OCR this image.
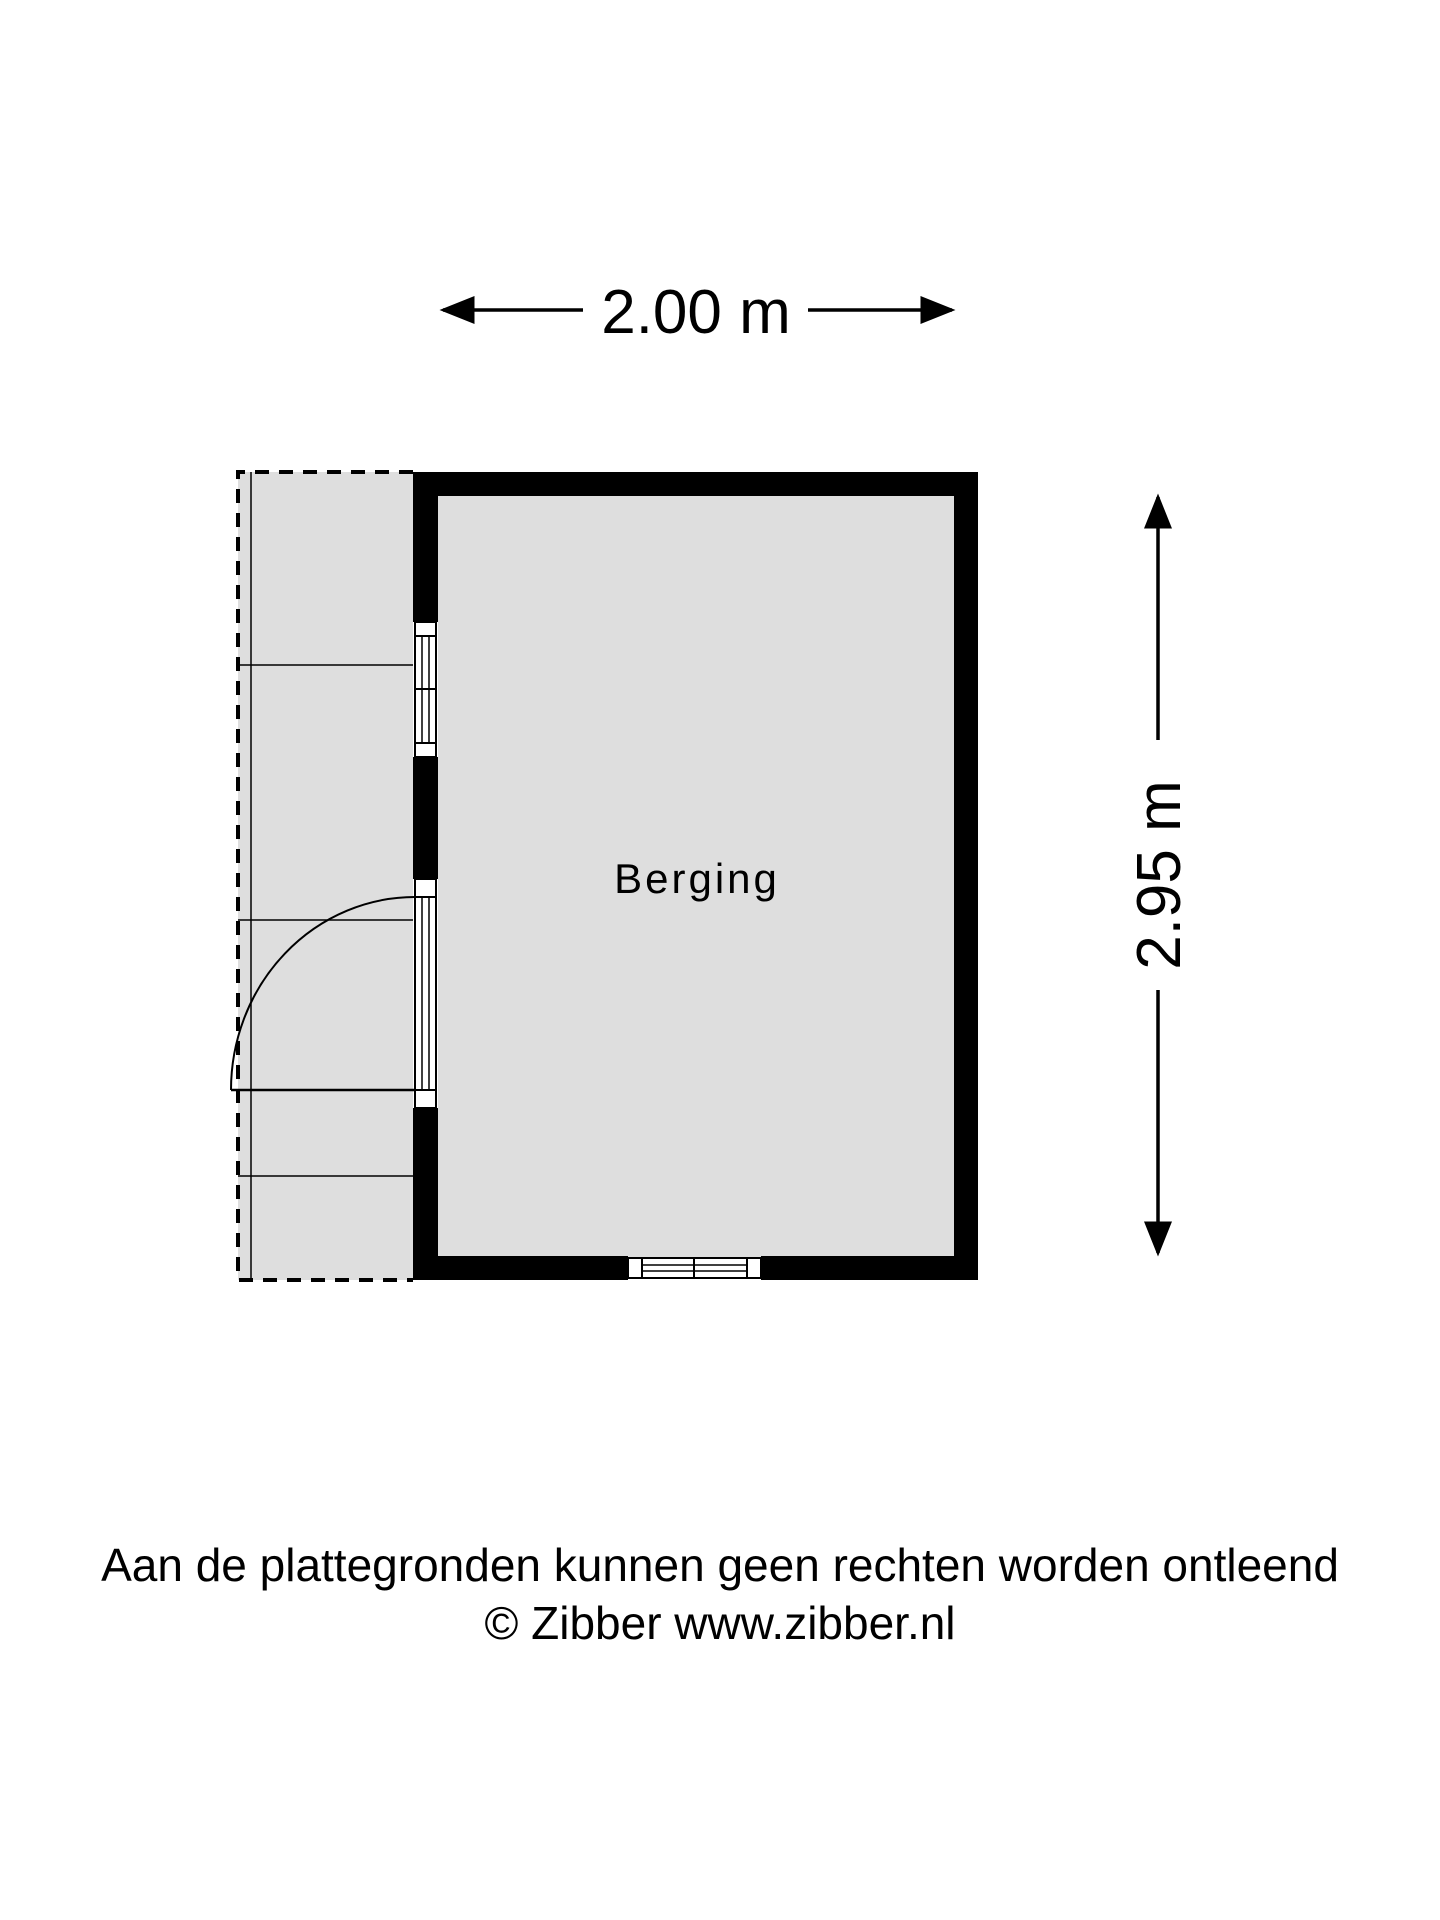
2.00 m
2.95 m
Berging
Aan de plattegronden kunnen geen rechten worden ontleend
© Zibber www.zibber.nl
